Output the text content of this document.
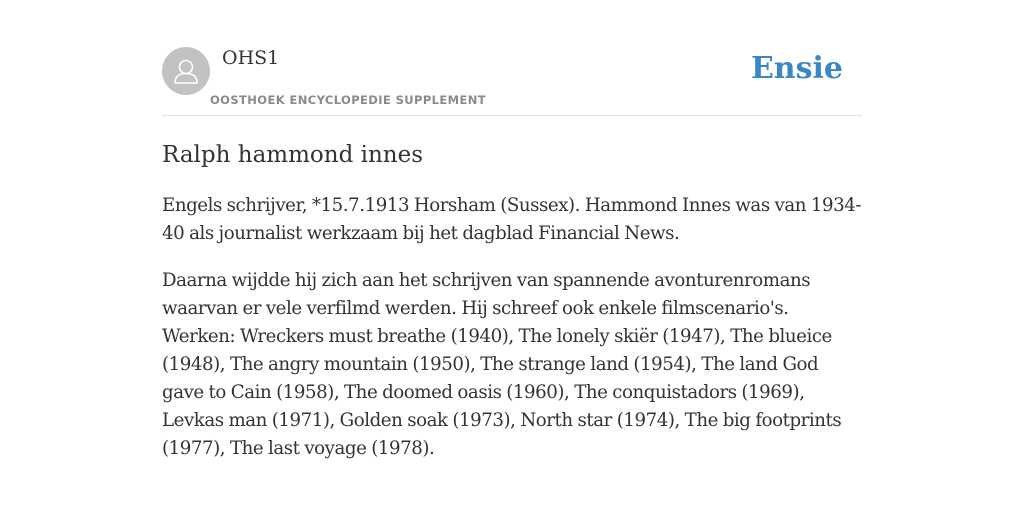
OHS1
OOSTHOEK ENCYCLOPEDIE SUPPLEMENT
Ensie
Ralph hammond innes

Engels schrijver, *15.7.1913 Horsham (Sussex). Hammond Innes was van 1934-40 als journalist werkzaam bij het dagblad Financial News.

Daarna wijdde hij zich aan het schrijven van spannende avonturenromans waarvan er vele verfilmd werden. Hij schreef ook enkele filmscenario's. Werken: Wreckers must breathe (1940), The lonely skiër (1947), The blueice (1948), The angry mountain (1950), The strange land (1954), The land God gave to Cain (1958), The doomed oasis (1960), The conquistadors (1969), Levkas man (1971), Golden soak (1973), North star (1974), The big footprints (1977), The last voyage (1978).
